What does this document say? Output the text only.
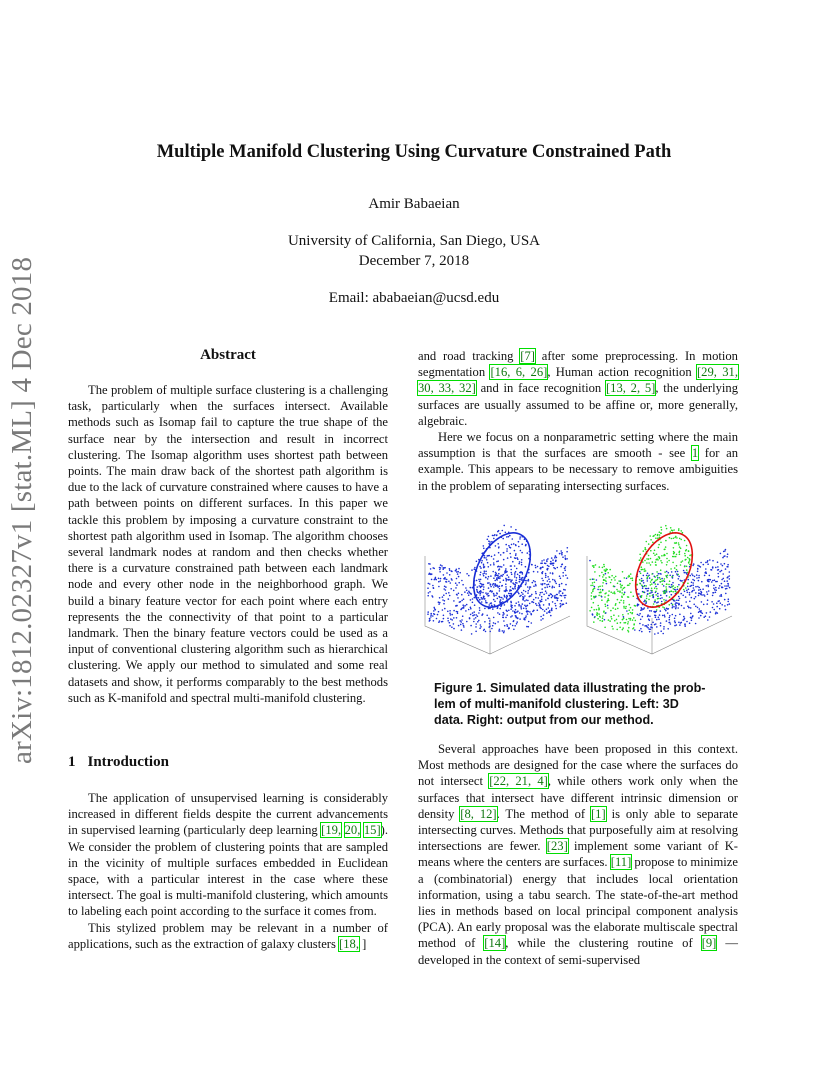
arXiv:1812.02327v1 [stat.ML] 4 Dec 2018
Multiple Manifold Clustering Using Curvature Constrained Path
Amir Babaeian
University of California, San Diego, USA
December 7, 2018
Email: ababaeian@ucsd.edu
Abstract

The problem of multiple surface clustering is a challenging task, particularly when the surfaces intersect. Available methods such as Isomap fail to capture the true shape of the surface near by the intersection and result in incorrect clustering. The Isomap algorithm uses shortest path between points. The main draw back of the shortest path algorithm is due to the lack of curvature constrained where causes to have a path between points on different surfaces. In this paper we tackle this problem by imposing a curvature constraint to the shortest path algorithm used in Isomap. The algorithm chooses several landmark nodes at random and then checks whether there is a curvature constrained path between each landmark node and every other node in the neighborhood graph. We build a binary feature vector for each point where each entry represents the the connectivity of that point to a particular landmark. Then the binary feature vectors could be used as a input of conventional clustering algorithm such as hierarchical clustering. We apply our method to simulated and some real datasets and show, it performs comparably to the best methods such as K-manifold and spectral multi-manifold clustering.

1 Introduction

The application of unsupervised learning is considerably increased in different fields despite the current advancements in supervised learning (particularly deep learning [19, 20, 15]). We consider the problem of clustering points that are sampled in the vicinity of multiple surfaces embedded in Euclidean space, with a particular interest in the case where these intersect. The goal is multi-manifold clustering, which amounts to labeling each point according to the surface it comes from.

This stylized problem may be relevant in a number of applications, such as the extraction of galaxy clusters [18, ]

and road tracking [7] after some preprocessing. In motion segmentation [16, 6, 26], Human action recognition [29, 31, 30, 33, 32] and in face recognition [13, 2, 5], the underlying surfaces are usually assumed to be affine or, more generally, algebraic.

Here we focus on a nonparametric setting where the main assumption is that the surfaces are smooth - see 1 for an example. This appears to be necessary to remove ambiguities in the problem of separating intersecting surfaces.

Figure 1. Simulated data illustrating the prob-
lem of multi-manifold clustering. Left: 3D
data. Right: output from our method.

Several approaches have been proposed in this context. Most methods are designed for the case where the surfaces do not intersect [22, 21, 4], while others work only when the surfaces that intersect have different intrinsic dimension or density [8, 12]. The method of [1] is only able to separate intersecting curves. Methods that purposefully aim at resolving intersections are fewer. [23] implement some variant of K-means where the centers are surfaces. [11] propose to minimize a (combinatorial) energy that includes local orientation information, using a tabu search. The state-of-the-art method lies in methods based on local principal component analysis (PCA). An early proposal was the elaborate multiscale spectral method of [14], while the clustering routine of [9] — developed in the context of semi-supervised
